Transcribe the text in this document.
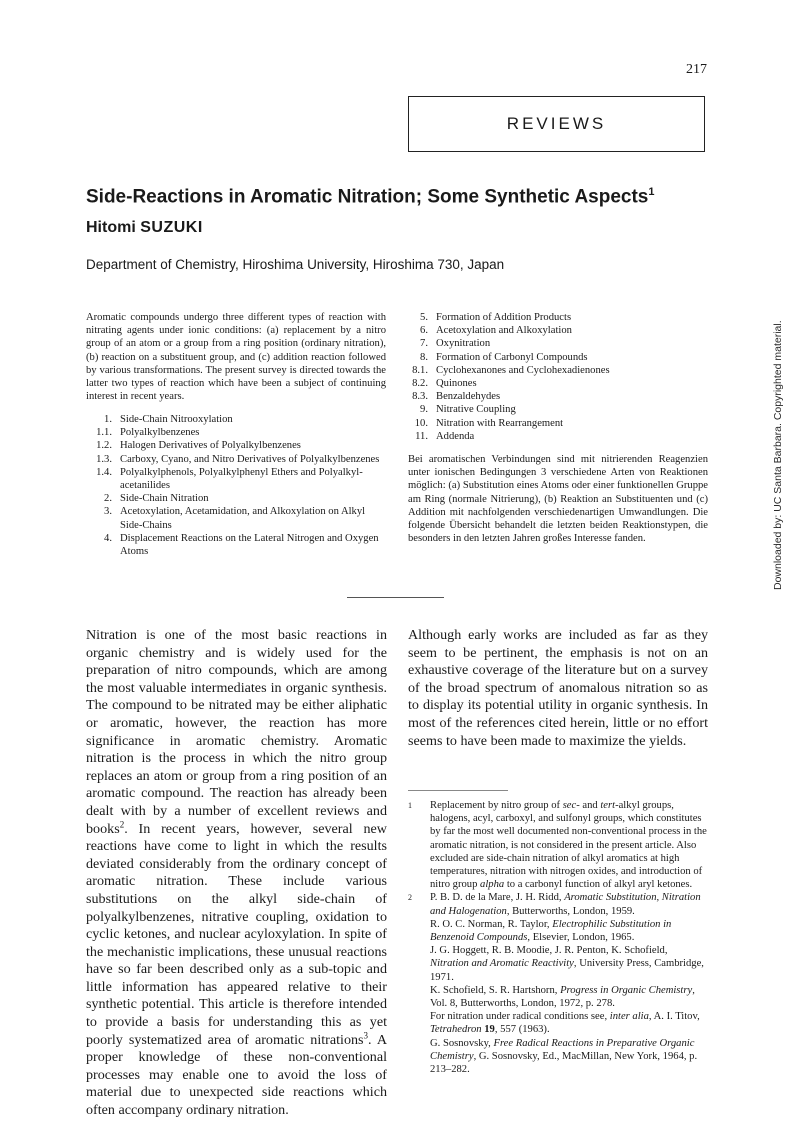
217
REVIEWS
Side-Reactions in Aromatic Nitration; Some Synthetic Aspects$^1$
Hitomi SUZUKI
Department of Chemistry, Hiroshima University, Hiroshima 730, Japan
Aromatic compounds undergo three different types of reaction with nitrating agents under ionic conditions: (a) replacement by a nitro group of an atom or a group from a ring position (ordinary nitration), (b) reaction on a substituent group, and (c) addition reaction followed by various transformations. The present survey is directed towards the latter two types of reaction which have been a subject of continuing interest in recent years.
1. Side-Chain Nitrooxylation
1.1. Polyalkylbenzenes
1.2. Halogen Derivatives of Polyalkylbenzenes
1.3. Carboxy, Cyano, and Nitro Derivatives of Polyalkylbenzenes
1.4. Polyalkylphenols, Polyalkylphenyl Ethers and Polyalkyl-acetanilides
2. Side-Chain Nitration
3. Acetoxylation, Acetamidation, and Alkoxylation on Alkyl Side-Chains
4. Displacement Reactions on the Lateral Nitrogen and Oxygen Atoms
5. Formation of Addition Products
6. Acetoxylation and Alkoxylation
7. Oxynitration
8. Formation of Carbonyl Compounds
8.1. Cyclohexanones and Cyclohexadienones
8.2. Quinones
8.3. Benzaldehydes
9. Nitrative Coupling
10. Nitration with Rearrangement
11. Addenda
Bei aromatischen Verbindungen sind mit nitrierenden Reagenzien unter ionischen Bedingungen 3 verschiedene Arten von Reaktionen möglich: (a) Substitution eines Atoms oder einer funktionellen Gruppe am Ring (normale Nitrierung), (b) Reaktion an Substituenten und (c) Addition mit nachfolgenden verschiedenartigen Umwandlungen. Die folgende Übersicht behandelt die letzten beiden Reaktionstypen, die besonders in den letzten Jahren großes Interesse fanden.
Nitration is one of the most basic reactions in organic chemistry and is widely used for the preparation of nitro compounds, which are among the most valuable intermediates in organic synthesis. The compound to be nitrated may be either aliphatic or aromatic, however, the reaction has more significance in aromatic chemistry. Aromatic nitration is the process in which the nitro group replaces an atom or group from a ring position of an aromatic compound. The reaction has already been dealt with by a number of excellent reviews and books$^2$. In recent years, however, several new reactions have come to light in which the results deviated considerably from the ordinary concept of aromatic nitration. These include various substitutions on the alkyl side-chain of polyalkylbenzenes, nitrative coupling, oxidation to cyclic ketones, and nuclear acyloxylation. In spite of the mechanistic implications, these unusual reactions have so far been described only as a sub-topic and little information has appeared relative to their synthetic potential. This article is therefore intended to provide a basis for understanding this as yet poorly systematized area of aromatic nitrations$^3$. A proper knowledge of these non-conventional processes may enable one to avoid the loss of material due to unexpected side reactions which often accompany ordinary nitration.
Although early works are included as far as they seem to be pertinent, the emphasis is not on an exhaustive coverage of the literature but on a survey of the broad spectrum of anomalous nitration so as to display its potential utility in organic synthesis. In most of the references cited herein, little or no effort seems to have been made to maximize the yields.
1	Replacement by nitro group of sec- and tert-alkyl groups, halogens, acyl, carboxyl, and sulfonyl groups, which constitutes by far the most well documented non-conventional process in the aromatic nitration, is not considered in the present article. Also excluded are side-chain nitration of alkyl aromatics at high temperatures, nitration with nitrogen oxides, and introduction of nitro group alpha to a carbonyl function of alkyl aryl ketones.
2	P. B. D. de la Mare, J. H. Ridd, Aromatic Substitution, Nitration and Halogenation, Butterworths, London, 1959.
R. O. C. Norman, R. Taylor, Electrophilic Substitution in Benzenoid Compounds, Elsevier, London, 1965.
J. G. Hoggett, R. B. Moodie, J. R. Penton, K. Schofield, Nitration and Aromatic Reactivity, University Press, Cambridge, 1971.
K. Schofield, S. R. Hartshorn, Progress in Organic Chemistry, Vol. 8, Butterworths, London, 1972, p. 278.
For nitration under radical conditions see, inter alia, A. I. Titov, Tetrahedron 19, 557 (1963).
G. Sosnovsky, Free Radical Reactions in Preparative Organic Chemistry, G. Sosnovsky, Ed., MacMillan, New York, 1964, p. 213–282.
Downloaded by: UC Santa Barbara. Copyrighted material.
